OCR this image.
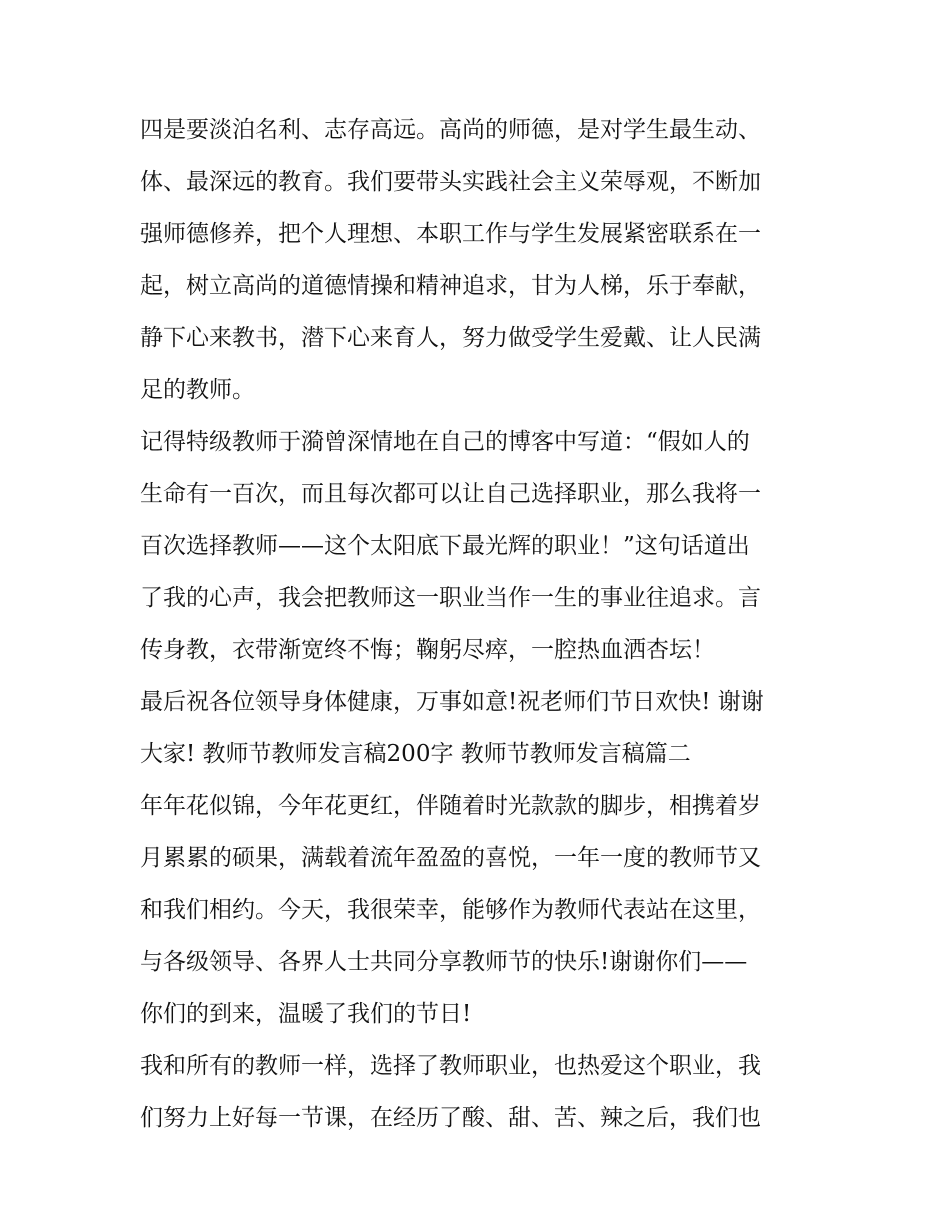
四是要淡泊名利、志存高远。高尚的师德，是对学生最生动、
体、最深远的教育。我们要带头实践社会主义荣辱观，不断加
强师德修养，把个人理想、本职工作与学生发展紧密联系在一
起，树立高尚的道德情操和精神追求，甘为人梯，乐于奉献，
静下心来教书，潜下心来育人，努力做受学生爱戴、让人民满
足的教师。
记得特级教师于漪曾深情地在自己的博客中写道：“假如人的
生命有一百次，而且每次都可以让自己选择职业，那么我将一
百次选择教师——这个太阳底下最光辉的职业！”这句话道出
了我的心声，我会把教师这一职业当作一生的事业往追求。言
传身教，衣带渐宽终不悔；鞠躬尽瘁，一腔热血洒杏坛！
最后祝各位领导身体健康，万事如意!祝老师们节日欢快! 谢谢
大家! 教师节教师发言稿200字 教师节教师发言稿篇二
年年花似锦，今年花更红，伴随着时光款款的脚步，相携着岁
月累累的硕果，满载着流年盈盈的喜悦，一年一度的教师节又
和我们相约。今天，我很荣幸，能够作为教师代表站在这里，
与各级领导、各界人士共同分享教师节的快乐!谢谢你们——
你们的到来，温暖了我们的节日!
我和所有的教师一样，选择了教师职业，也热爱这个职业，我
们努力上好每一节课，在经历了酸、甜、苦、辣之后，我们也
